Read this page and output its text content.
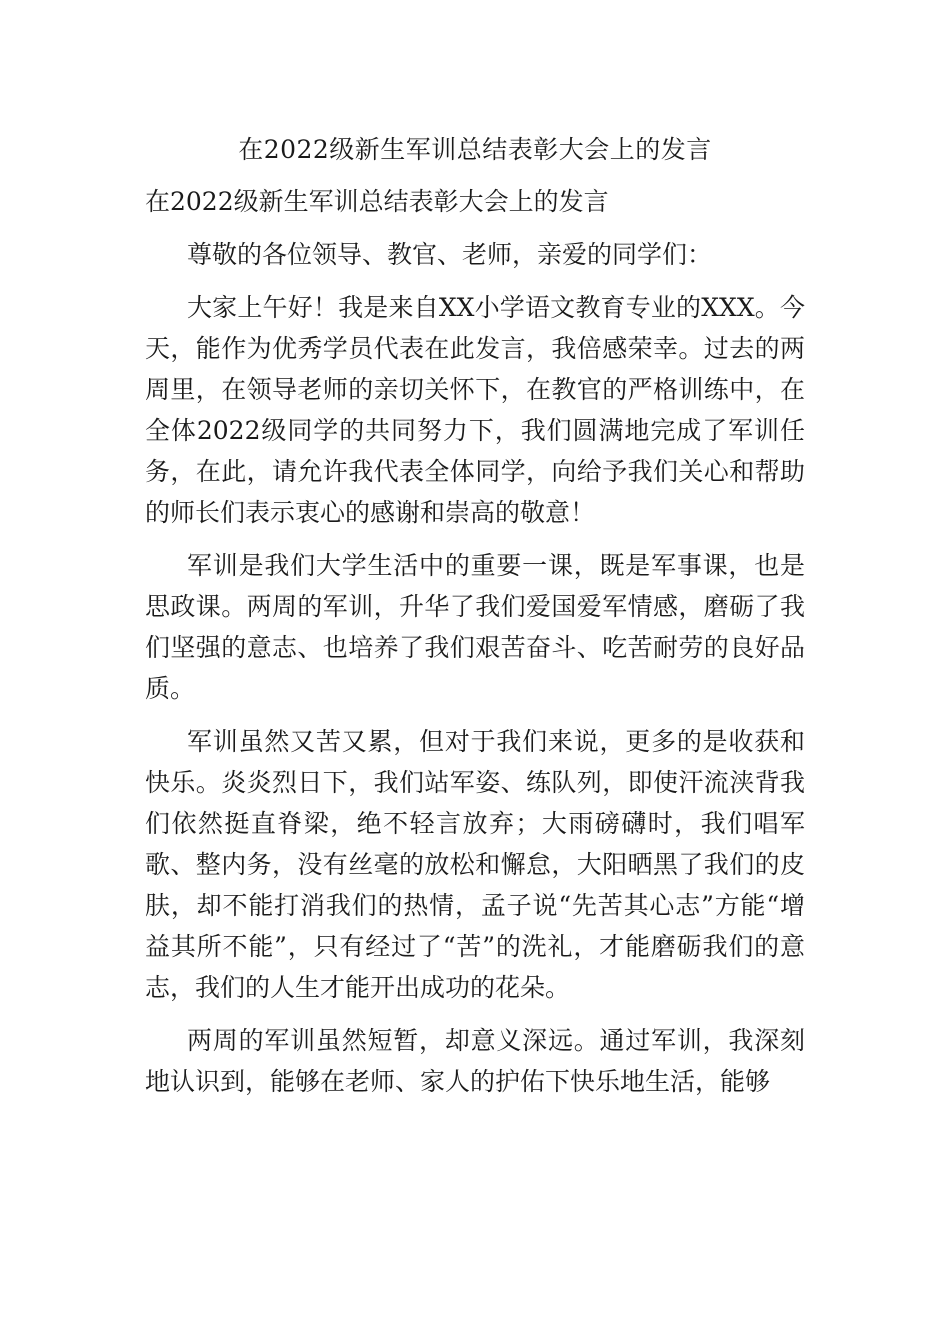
在2022级新生军训总结表彰大会上的发言

在2022级新生军训总结表彰大会上的发言

尊敬的各位领导、教官、老师，亲爱的同学们：

大家上午好！我是来自XX小学语文教育专业的XXX。今天，能作为优秀学员代表在此发言，我倍感荣幸。过去的两周里，在领导老师的亲切关怀下，在教官的严格训练中，在全体2022级同学的共同努力下，我们圆满地完成了军训任务，在此，请允许我代表全体同学，向给予我们关心和帮助的师长们表示衷心的感谢和崇高的敬意！

军训是我们大学生活中的重要一课，既是军事课，也是思政课。两周的军训，升华了我们爱国爱军情感，磨砺了我们坚强的意志、也培养了我们艰苦奋斗、吃苦耐劳的良好品质。

军训虽然又苦又累，但对于我们来说，更多的是收获和快乐。炎炎烈日下，我们站军姿、练队列，即使汗流浃背我们依然挺直脊梁，绝不轻言放弃；大雨磅礴时，我们唱军歌、整内务，没有丝毫的放松和懈怠，大阳晒黑了我们的皮肤，却不能打消我们的热情，孟子说“先苦其心志”方能“增益其所不能”，只有经过了“苦”的洗礼，才能磨砺我们的意志，我们的人生才能开出成功的花朵。

两周的军训虽然短暂，却意义深远。通过军训，我深刻地认识到，能够在老师、家人的护佑下快乐地生活，能够
